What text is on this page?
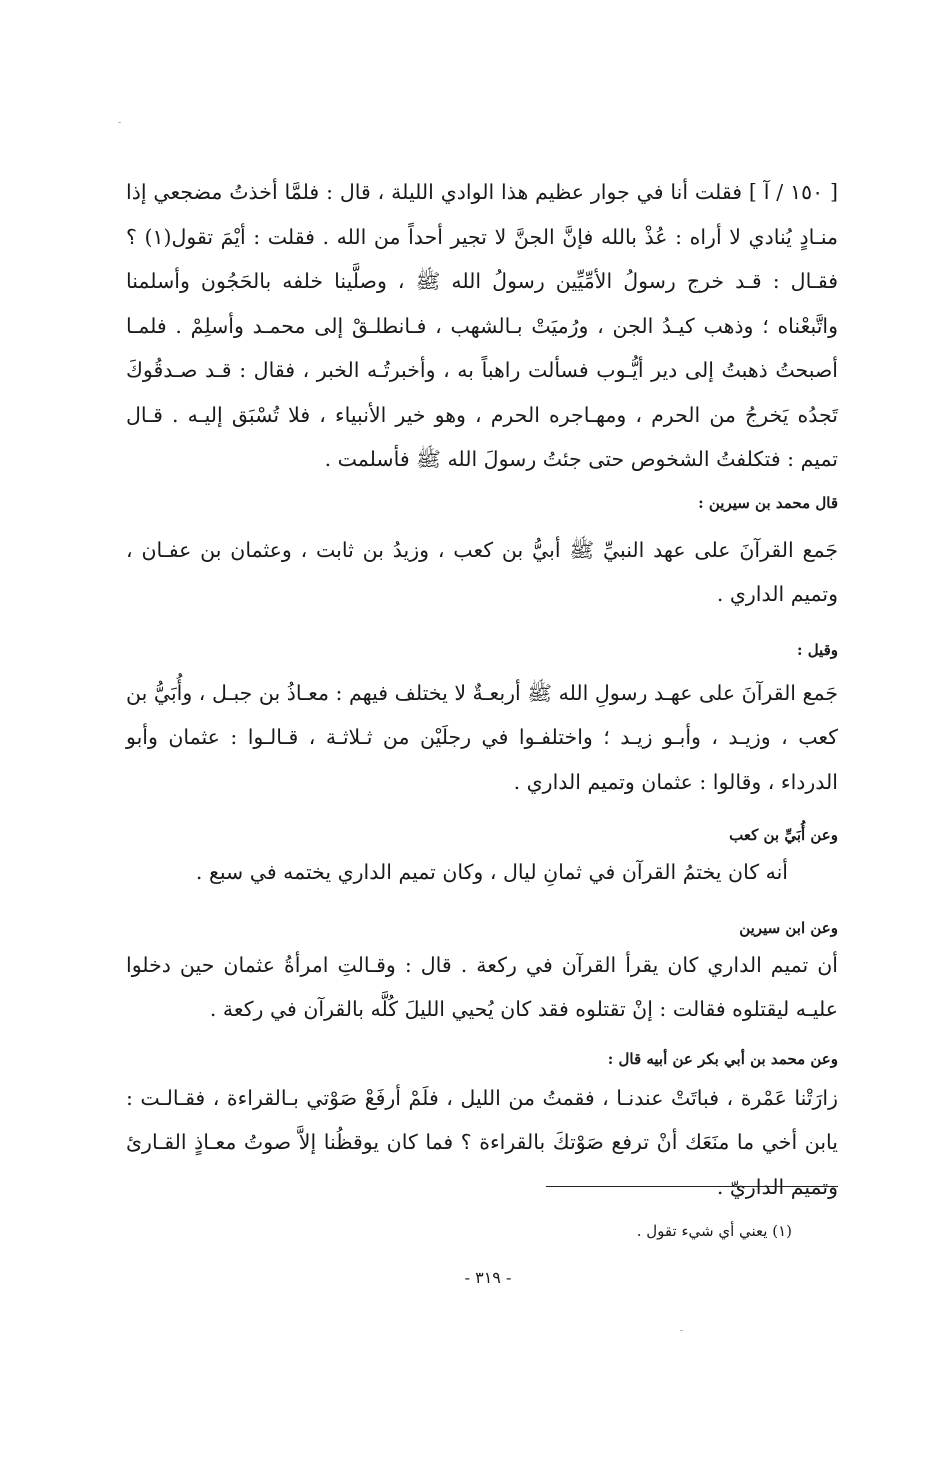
[ ١٥٠ / آ ] فقلت أنا في جوار عظيم هذا الوادي الليلة ، قال : فلمَّا أخذتُ مضجعي إذا منـادٍ يُنادي لا أراه : عُذْ بالله فإنَّ الجنَّ لا تجير أحداً من الله . فقلت : أيْمَ تقول(١) ؟ فقـال : قـد خرج رسولُ الأمِّيِّين رسولُ الله ﷺ ، وصلَّينا خلفه بالحَجُون وأسلمنا واتَّبعْناه ؛ وذهب كيـدُ الجن ، ورُميَتْ بـالشهب ، فـانطلـقْ إلى محمـد وأسلِمْ . فلمـا أصبحتُ ذهبتُ إلى دير أيُّـوب فسألت راهباً به ، وأخبرتُـه الخبر ، فقال : قـد صـدقُوكَ تَجدُه يَخرجُ من الحرم ، ومهـاجره الحرم ، وهو خير الأنبياء ، فلا تُسْبَق إليـه . قـال تميم : فتكلفتُ الشخوص حتى جئتُ رسولَ الله ﷺ فأسلمت .

قال محمد بن سيرين :

جَمع القرآنَ على عهد النبيِّ ﷺ أبيُّ بن كعب ، وزيدُ بن ثابت ، وعثمان بن عفـان ، وتميم الداري .

وقيل :

جَمع القرآنَ على عهـد رسولِ الله ﷺ أربعـةٌ لا يختلف فيهم : معـاذُ بن جبـل ، وأُبَيُّ بن كعب ، وزيـد ، وأبـو زيـد ؛ واختلفـوا في رجلَيْن من ثـلاثـة ، قـالـوا : عثمان وأبو الدرداء ، وقالوا : عثمان وتميم الداري .

وعن أُبَيِّ بن كعب

أنه كان يختمُ القرآن في ثمانِ ليال ، وكان تميم الداري يختمه في سبع .

وعن ابن سيرين

أن تميم الداري كان يقرأ القرآن في ركعة . قال : وقـالتِ امرأةُ عثمان حين دخلوا عليـه ليقتلوه فقالت : إنْ تقتلوه فقد كان يُحيي الليلَ كُلَّه بالقرآن في ركعة .

وعن محمد بن أبي بكر عن أبيه قال :

زارَتْنا عَمْرة ، فباتَتْ عندنـا ، فقمتُ من الليل ، فلَمْ أرفَعْ صَوْتي بـالقراءة ، فقـالـت : يابن أخي ما منَعَك أنْ ترفع صَوْتكَ بالقراءة ؟ فما كان يوقظُنا إلاَّ صوتُ معـاذٍ القـارئ وتميم الداريّ .

(١) يعني أي شيء تقول .
- ٣١٩ -
